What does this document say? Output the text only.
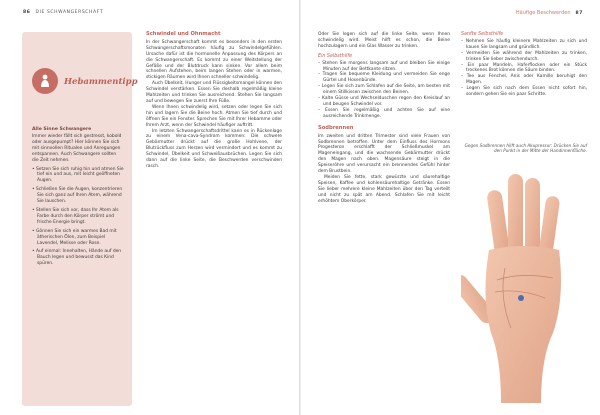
86 DIE SCHWANGERSCHAFT
Hebammentipp
Alle Sinne Schwangere

Immer wieder fällt sich gestresst, kobold oder ausgepumpt? Hier können Sie sich mit sinnvollen Ritualen und Anregungen entspannen. Auch Schwangere sollten die Zeit nehmen.

• Setzen Sie sich ruhig hin und atmen Sie tief ein und aus, mit leicht geöffneten Augen.
• Schließen Sie die Augen, konzentrieren Sie sich ganz auf Ihren Atem, während Sie lauschen.
• Stellen Sie sich vor, dass Ihr Atem als Farbe durch den Körper strömt und frische Energie bringt.
• Gönnen Sie sich ein warmes Bad mit ätherischen Ölen, zum Beispiel Lavendel, Melisse oder Rose.
• Auf einmal: Innehalten, Hände auf den Bauch legen und bewusst das Kind spüren.
Schwindel und Ohnmacht

In der Schwangerschaft kommt es besonders in den ersten Schwangerschaftsmonaten häufig zu Schwindelgefühlen. Ursache dafür ist die hormonelle Anpassung des Körpers an die Schwangerschaft. Es kommt zu einer Weitstellung der Gefäße und der Blutdruck kann sinken. Vor allem beim schnellen Aufstehen, beim langen Stehen oder in warmen, stickigen Räumen wird Ihnen schneller schwindelig.

Auch Übelkeit, Hunger und Flüssigkeitsmangel können den Schwindel verstärken. Essen Sie deshalb regelmäßig kleine Mahlzeiten und trinken Sie ausreichend. Stehen Sie langsam auf und bewegen Sie zuerst Ihre Füße.

Wenn Ihnen schwindelig wird, setzen oder legen Sie sich hin und lagern Sie die Beine hoch. Atmen Sie tief durch und öffnen Sie ein Fenster. Sprechen Sie mit Ihrer Hebamme oder Ihrem Arzt, wenn der Schwindel häufiger auftritt.

Im letzten Schwangerschaftsdrittel kann es in Rückenlage zu einem Vena-cava-Syndrom kommen: Die schwere Gebärmutter drückt auf die große Hohlvene, der Blutrückfluss zum Herzen wird vermindert und es kommt zu Schwindel, Übelkeit und Schweißausbrüchen. Legen Sie sich dann auf die linke Seite, die Beschwerden verschwinden rasch.

Häufige Beschwerden 87

Oder Sie legen sich auf die linke Seite, wenn Ihnen schwindelig wird. Meist hilft es schon, die Beine hochzulagern und ein Glas Wasser zu trinken.

Ein Selbsthilfe
– Stehen Sie morgens langsam auf und bleiben Sie einige Minuten auf der Bettkante sitzen.
– Tragen Sie bequeme Kleidung und vermeiden Sie enge Gürtel und Hosenbünde.
– Legen Sie sich zum Schlafen auf die Seite, am besten mit einem Stillkissen zwischen den Beinen.
– Kalte Güsse und Wechselduschen regen den Kreislauf an und beugen Schwindel vor.
– Essen Sie regelmäßig und achten Sie auf eine ausreichende Trinkmenge.
Sodbrennen

Im zweiten und dritten Trimester sind viele Frauen von Sodbrennen betroffen. Unter dem Einfluss des Hormons Progesteron erschlafft der Schließmuskel am Mageneingang, und die wachsende Gebärmutter drückt den Magen nach oben. Magensäure steigt in die Speiseröhre und verursacht ein brennendes Gefühl hinter dem Brustbein.

Meiden Sie fette, stark gewürzte und säurehaltige Speisen, Kaffee und kohlensäurehaltige Getränke. Essen Sie lieber mehrere kleine Mahlzeiten über den Tag verteilt und nicht zu spät am Abend. Schlafen Sie mit leicht erhöhtem Oberkörper.

Sanfte Selbsthilfe
– Nehmen Sie häufig kleinere Mahlzeiten zu sich und kauen Sie langsam und gründlich.
– Vermeiden Sie während der Mahlzeiten zu trinken, trinken Sie lieber zwischendurch.
– Ein paar Mandeln, Haferflocken oder ein Stück trockenes Brot können die Säure binden.
– Tee aus Fenchel, Anis oder Kamille beruhigt den Magen.
– Legen Sie sich nach dem Essen nicht sofort hin, sondern gehen Sie ein paar Schritte.
Gegen Sodbrennen hilft auch Akupressur: Drücken Sie auf den Punkt in der Mitte der Handinnenfläche.
